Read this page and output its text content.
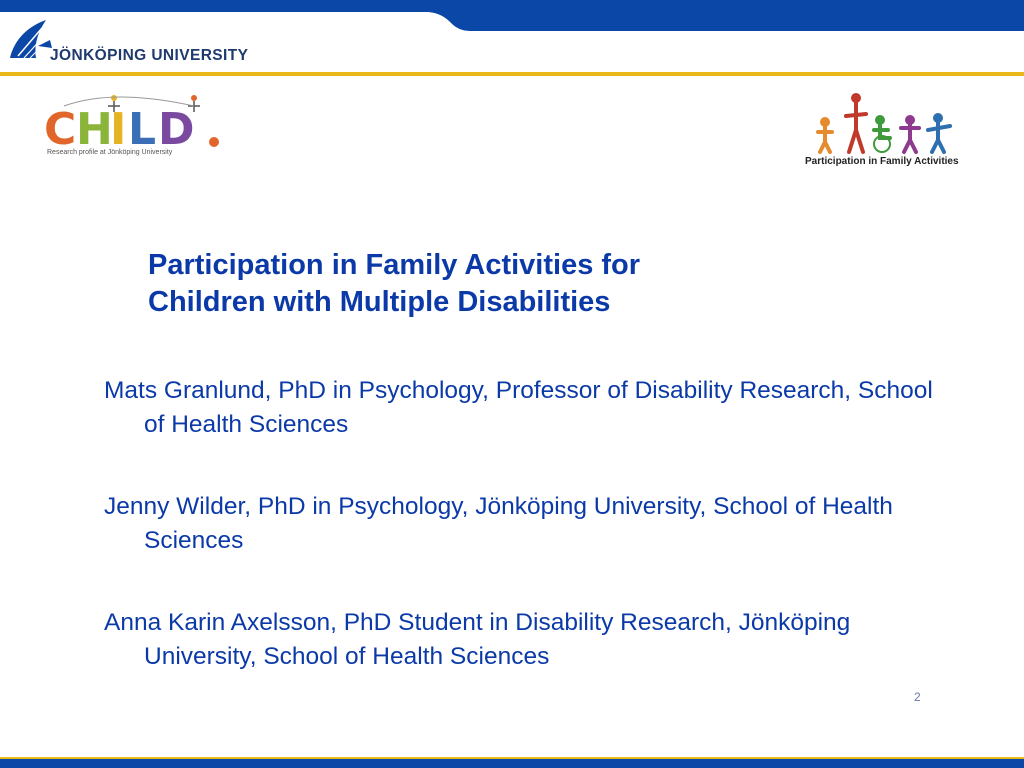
JÖNKÖPING UNIVERSITY
C H
I L D
Research profile at Jönköping University
Participation in Family Activities
Participation in Family Activities for
Children with Multiple Disabilities
Mats Granlund, PhD in Psychology, Professor of Disability Research, School of Health Sciences
Jenny Wilder, PhD in Psychology, Jönköping University, School of Health Sciences
Anna Karin Axelsson, PhD Student in Disability Research, Jönköping University, School of Health Sciences
2
